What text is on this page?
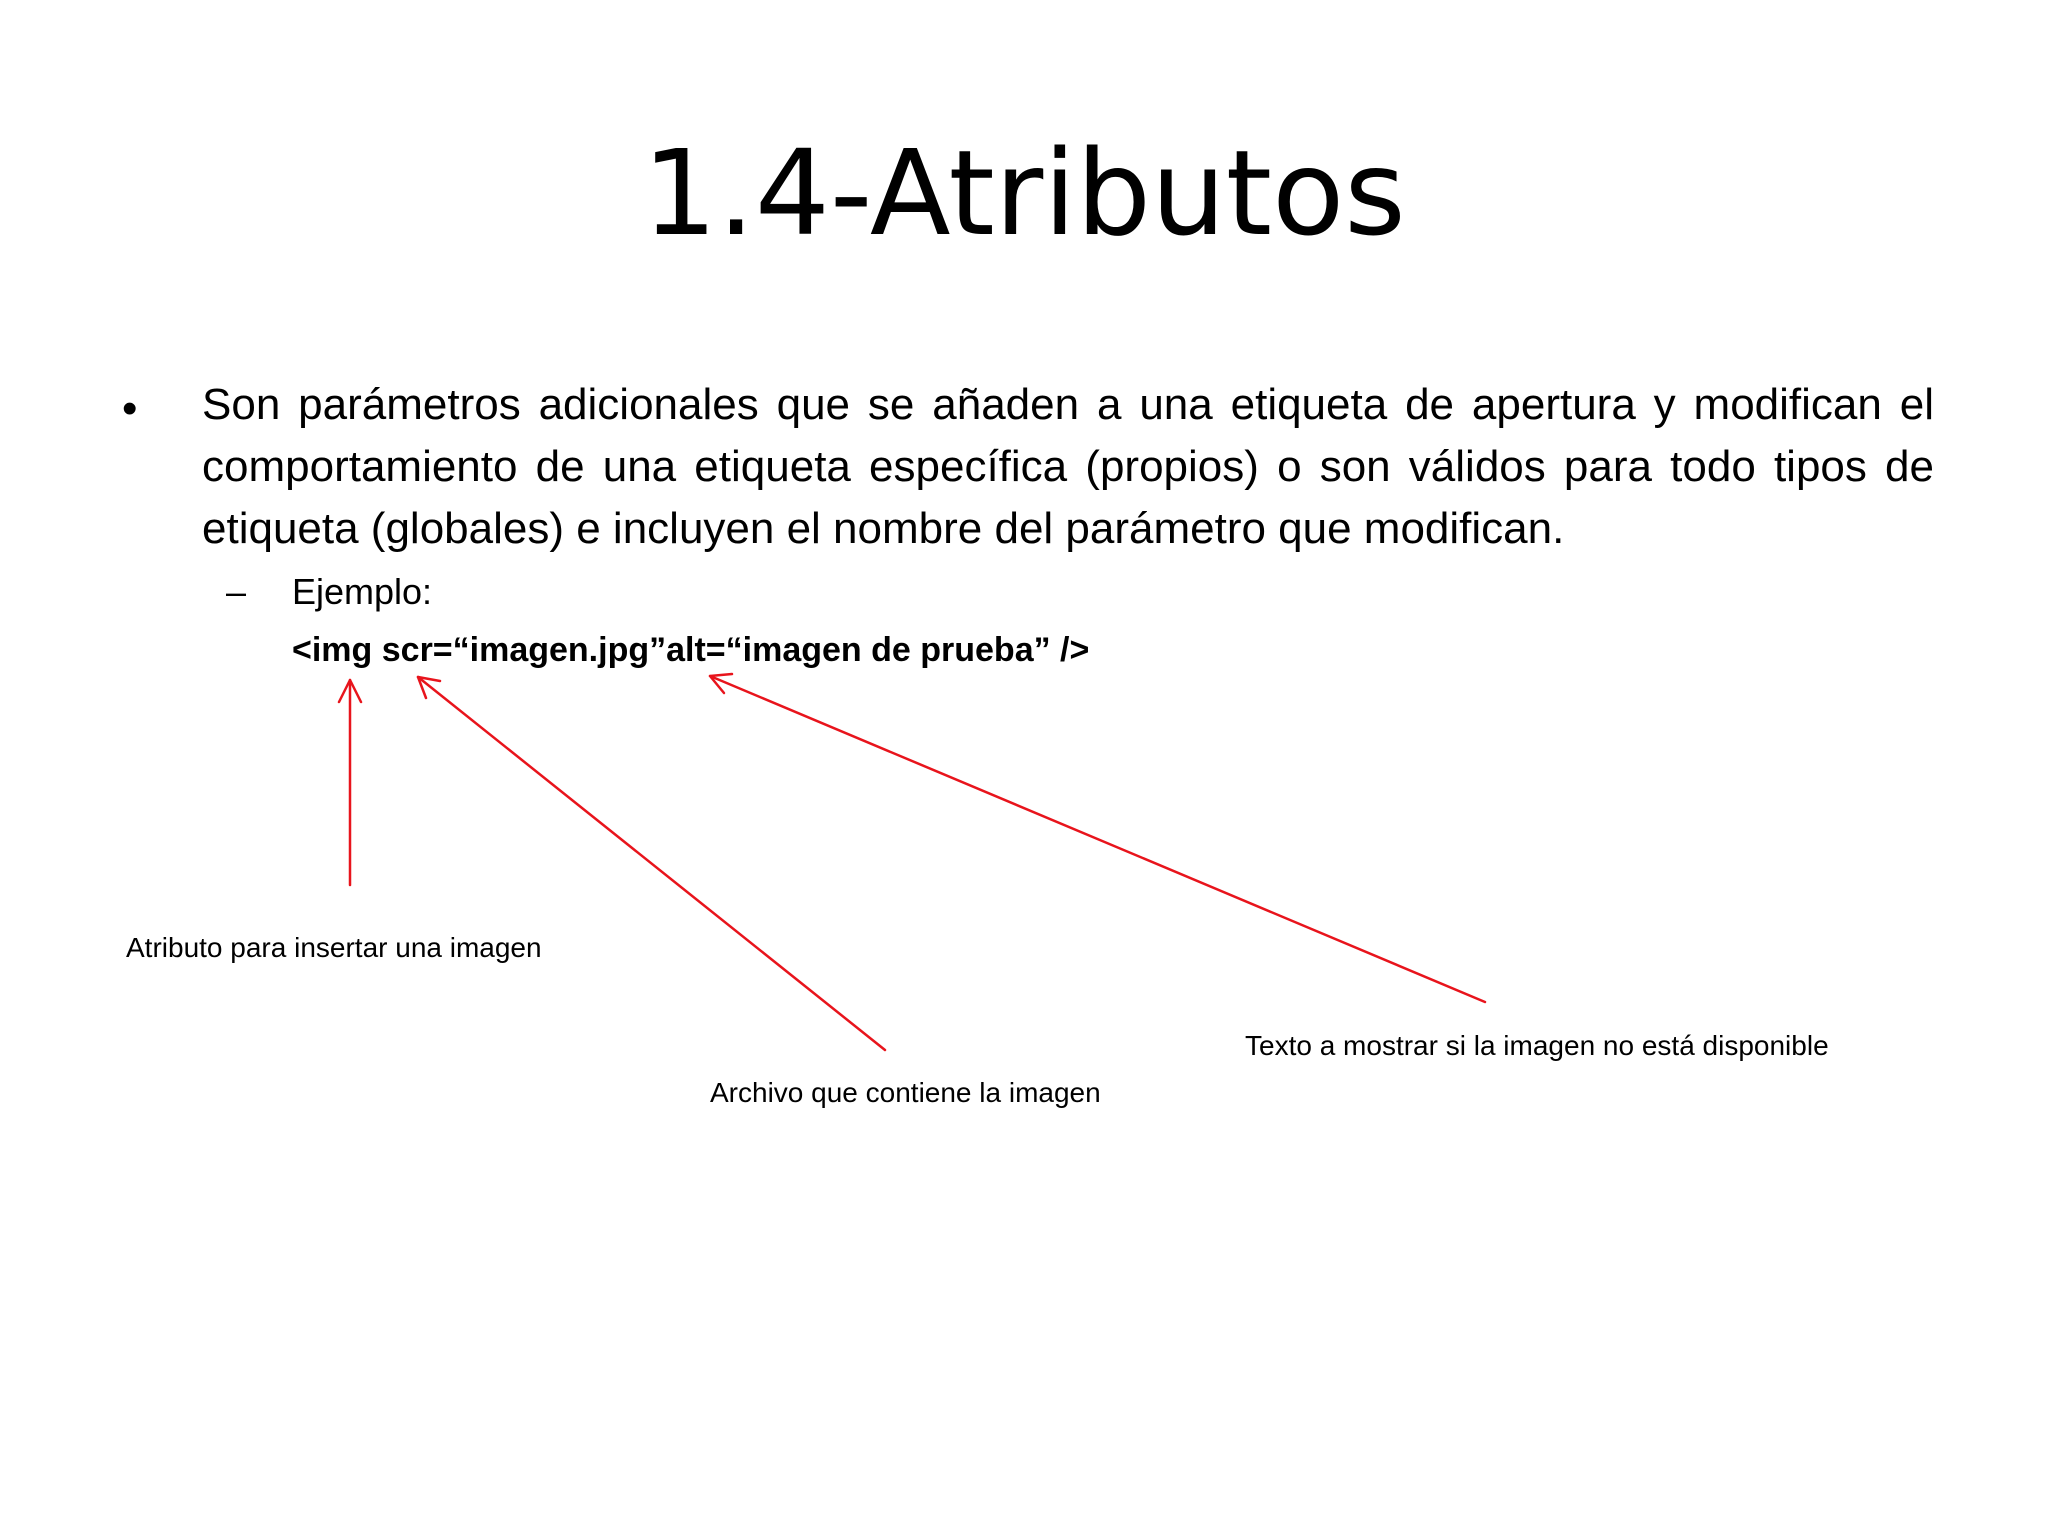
1.4-Atributos
• Son parámetros adicionales que se añaden a una etiqueta de apertura y modifican el comportamiento de una etiqueta específica (propios) o son válidos para todo tipos de etiqueta (globales) e incluyen el nombre del parámetro que modifican.
– Ejemplo:
<img scr=“imagen.jpg”alt=“imagen de prueba” />
Atributo para insertar una imagen
Archivo que contiene la imagen
Texto a mostrar si la imagen no está disponible
